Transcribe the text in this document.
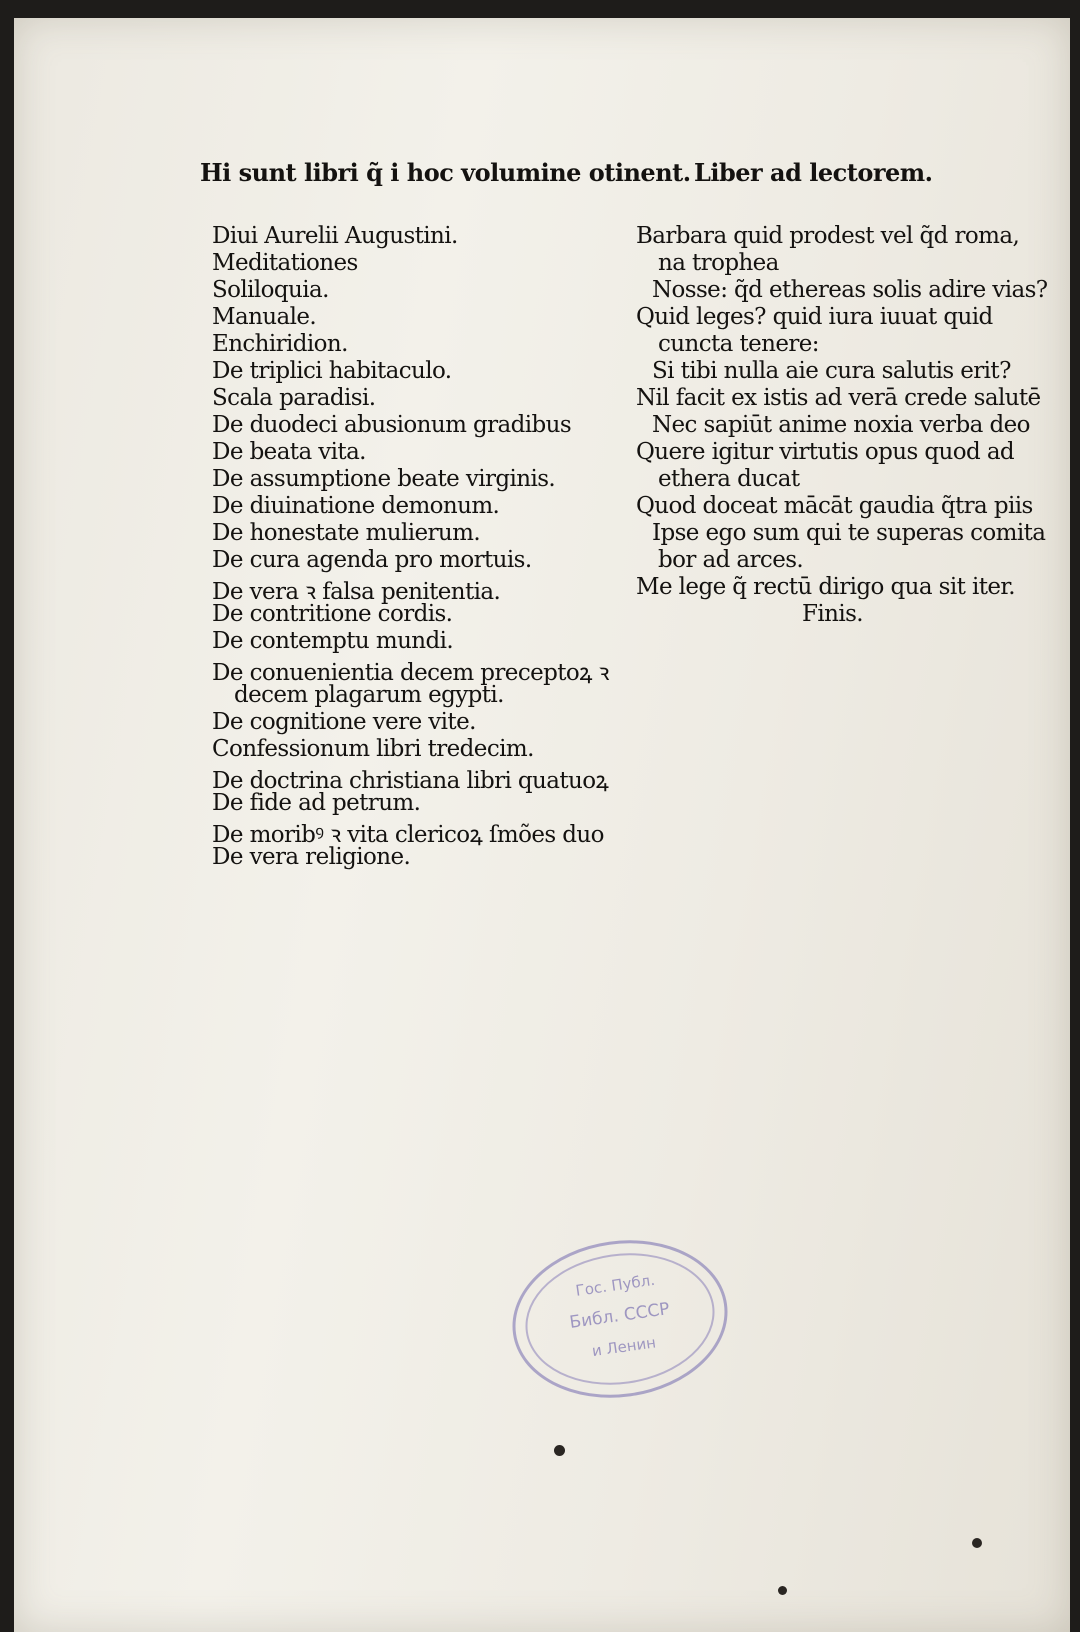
Hi sunt libri q̃ i hoc volumine otinent. Liber ad lectorem.
Diui Aurelii Augustini.
Meditationes
Soliloquia.
Manuale.
Enchiridion.
De triplici habitaculo.
Scala paradisi.
De duodeci abusionum gradibus
De beata vita.
De assumptione beate virginis.
De diuinatione demonum.
De honestate mulierum.
De cura agenda pro mortuis.
De vera ꝛ falsa penitentia.
De contritione cordis.
De contemptu mundi.
De conuenientia decem preceptoꝝ ꝛ
decem plagarum egypti.
De cognitione vere vite.
Confessionum libri tredecim.
De doctrina christiana libri quatuoꝝ
De fide ad petrum.
De moribꝰ ꝛ vita clericoꝝ ſmões duo
De vera religione.
Barbara quid prodest vel q̃d roma,
na trophea
Nosse: q̃d ethereas solis adire vias?
Quid leges? quid iura iuuat quid
cuncta tenere:
Si tibi nulla aie cura salutis erit?
Nil facit ex istis ad verā crede salutē
Nec sapiūt anime noxia verba deo
Quere igitur virtutis opus quod ad
ethera ducat
Quod doceat mācāt gaudia q̃tra piis
Ipse ego sum qui te superas comita
bor ad arces.
Me lege q̃ rectū dirigo qua sit iter.
Finis.
Гос. Публ.
Библ. СССР
и Ленин
